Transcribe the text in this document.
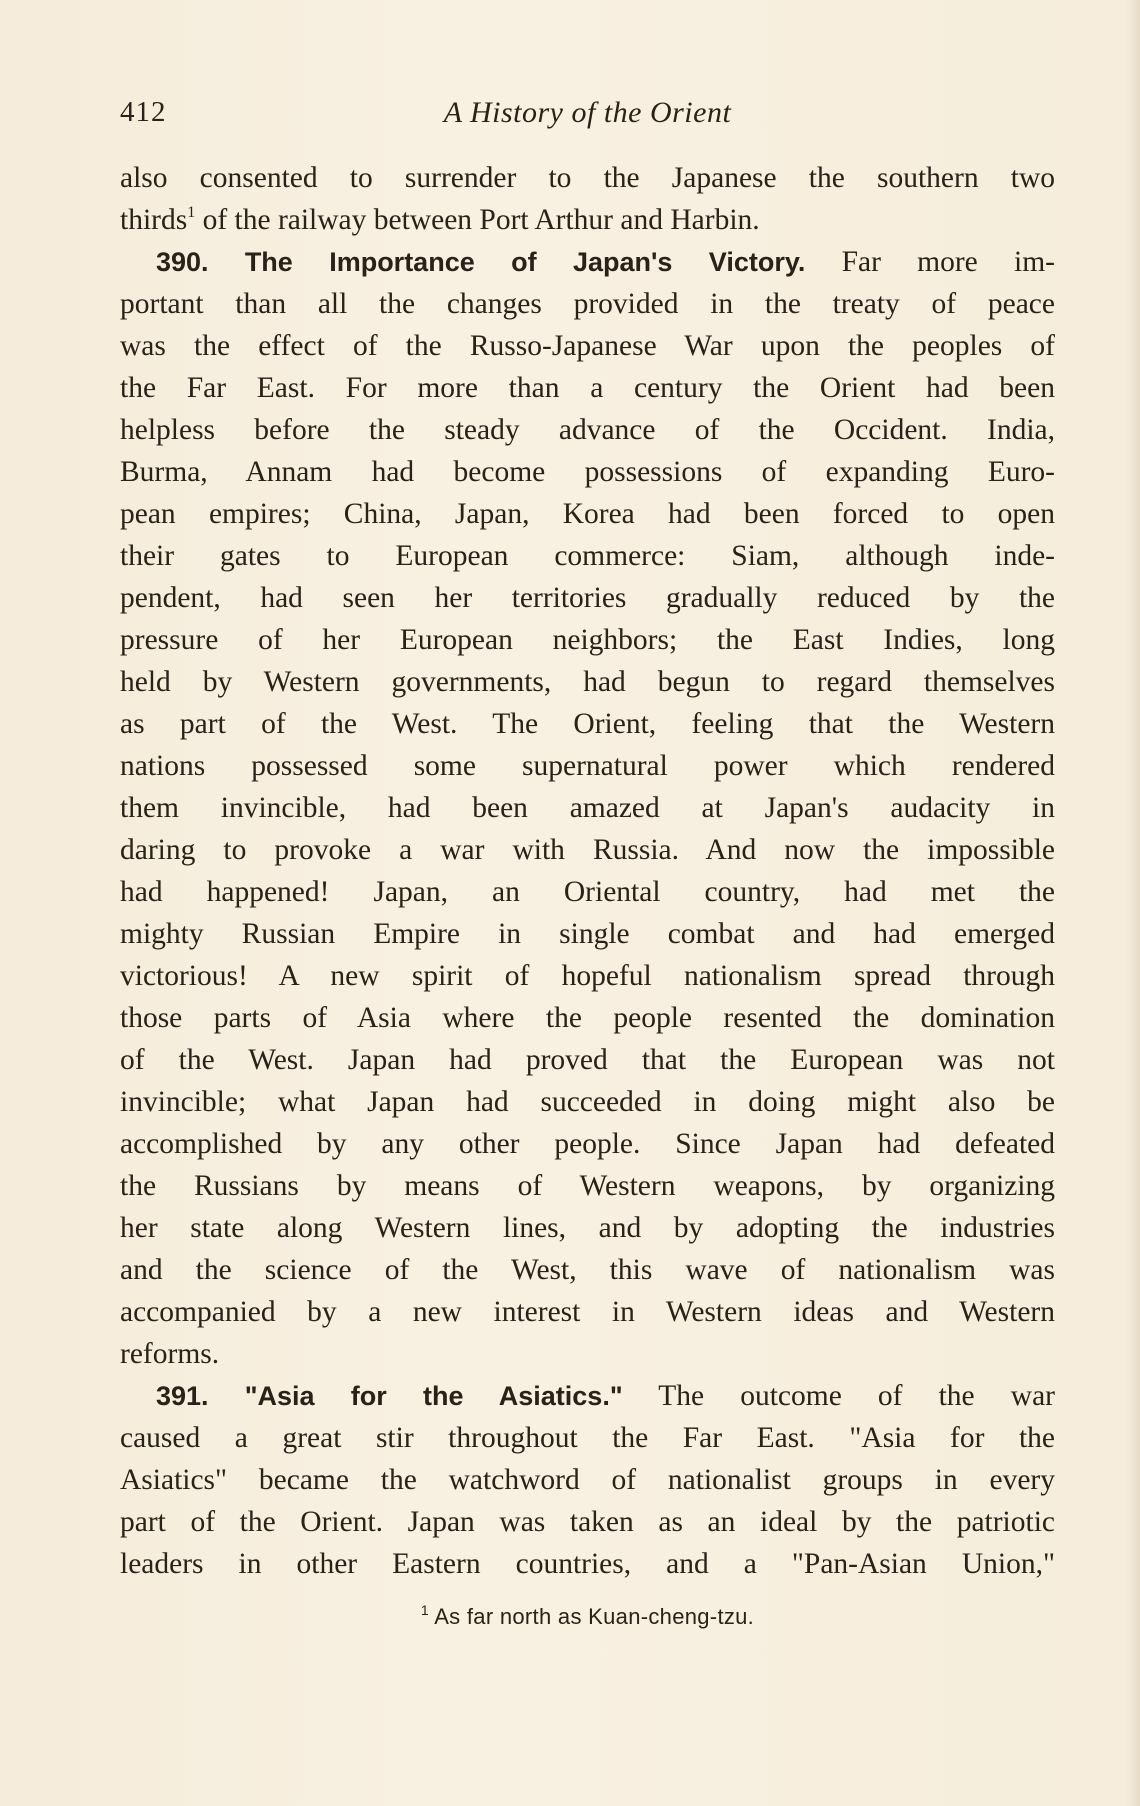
412	A History of the Orient
also consented to surrender to the Japanese the southern two
thirds$^1$ of the railway between Port Arthur and Harbin.
390. The Importance of Japan's Victory. Far more im-
portant than all the changes provided in the treaty of peace
was the effect of the Russo-Japanese War upon the peoples of
the Far East. For more than a century the Orient had been
helpless before the steady advance of the Occident. India,
Burma, Annam had become possessions of expanding Euro-
pean empires; China, Japan, Korea had been forced to open
their gates to European commerce: Siam, although inde-
pendent, had seen her territories gradually reduced by the
pressure of her European neighbors; the East Indies, long
held by Western governments, had begun to regard themselves
as part of the West. The Orient, feeling that the Western
nations possessed some supernatural power which rendered
them invincible, had been amazed at Japan's audacity in
daring to provoke a war with Russia. And now the impossible
had happened! Japan, an Oriental country, had met the
mighty Russian Empire in single combat and had emerged
victorious! A new spirit of hopeful nationalism spread through
those parts of Asia where the people resented the domination
of the West. Japan had proved that the European was not
invincible; what Japan had succeeded in doing might also be
accomplished by any other people. Since Japan had defeated
the Russians by means of Western weapons, by organizing
her state along Western lines, and by adopting the industries
and the science of the West, this wave of nationalism was
accompanied by a new interest in Western ideas and Western
reforms.
391. "Asia for the Asiatics." The outcome of the war
caused a great stir throughout the Far East. "Asia for the
Asiatics" became the watchword of nationalist groups in every
part of the Orient. Japan was taken as an ideal by the patriotic
leaders in other Eastern countries, and a "Pan-Asian Union,"
$^1$ As far north as Kuan-cheng-tzu.
